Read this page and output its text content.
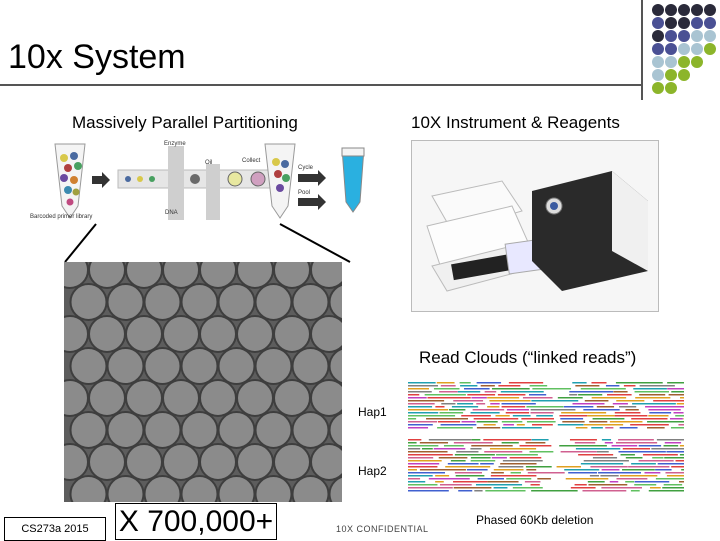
10x System
Massively Parallel Partitioning	10X Instrument & Reagents
Enzyme
Oil
DNA
Barcoded primer library
Collect
Cycle
Pool
Read Clouds (“linked reads”)
Hap1
Hap2
CS273a 2015 X 700,000+	10X CONFIDENTIAL
Phased 60Kb deletion
